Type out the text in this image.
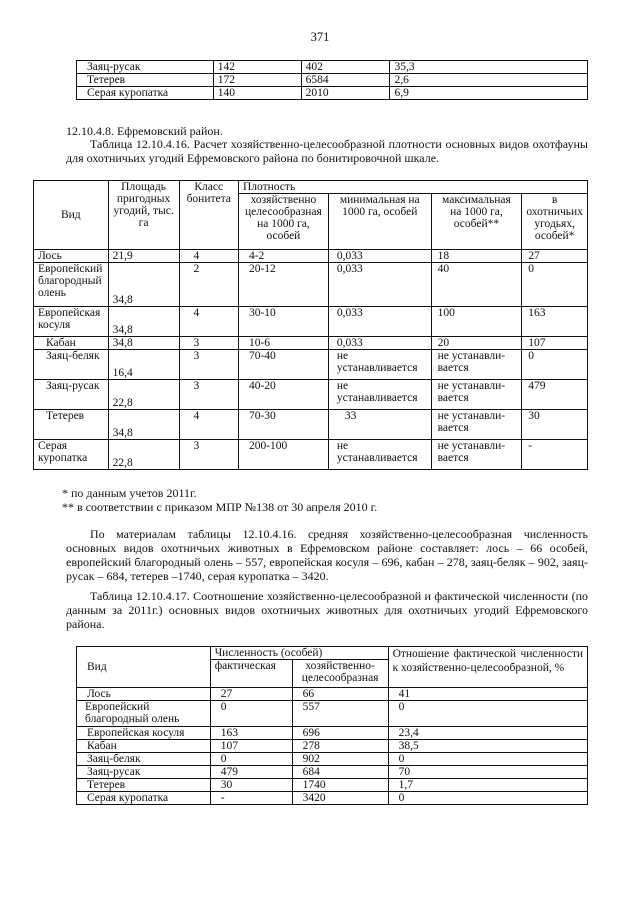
371
Заяц-русак	142	402	35,3
Тетерев	172	6584	2,6
Серая куропатка	140	2010	6,9
12.10.4.8. Ефремовский район.
Таблица 12.10.4.16. Расчет хозяйственно-целесообразной плотности основных видов охотфауны для охотничьих угодий Ефремовского района по бонитировочной шкале.
Вид	Площадь пригодных угодий, тыс. га	Класс бонитета	Плотность			
			хозяйственно целесообразная на 1000 га, особей	минимальная на 1000 га, особей	максимальная на 1000 га, особей**	в охотничьих угодьях, особей*
Лось	21,9	4	4-2	0,033	18	27
Европейский благородный олень	34,8	2	20-12	0,033	40	0
Европейская косуля	34,8	4	30-10	0,033	100	163
Кабан	34,8	3	10-6	0,033	20	107
Заяц-беляк	16,4	3	70-40	не устанавливается	не устанавли-вается	0
Заяц-русак	22,8	3	40-20	не устанавливается	не устанавли-вается	479
Тетерев	34,8	4	70-30	33	не устанавли-вается	30
Серая куропатка	22,8	3	200-100	не устанавливается	не устанавли-вается	-
* по данным учетов 2011г.
** в соответствии с приказом МПР №138 от 30 апреля 2010 г.
По материалам таблицы 12.10.4.16. средняя хозяйственно-целесообразная численность основных видов охотничьих животных в Ефремовском районе составляет: лось – 66 особей, европейский благородный олень – 557, европейская косуля – 696, кабан – 278, заяц-беляк – 902, заяц-русак – 684, тетерев –1740, серая куропатка – 3420.
Таблица 12.10.4.17. Соотношение хозяйственно-целесообразной и фактической численности (по данным за 2011г.) основных видов охотничьих животных для охотничьих угодий Ефремовского района.
Вид	Численность (особей)		Отношение фактической численности к хозяйственно-целесообразной, %
	фактическая	хозяйственно-целесообразная	
Лось	27	66	41
Европейский благородный олень	0	557	0
Европейская косуля	163	696	23,4
Кабан	107	278	38,5
Заяц-беляк	0	902	0
Заяц-русак	479	684	70
Тетерев	30	1740	1,7
Серая куропатка	-	3420	0
